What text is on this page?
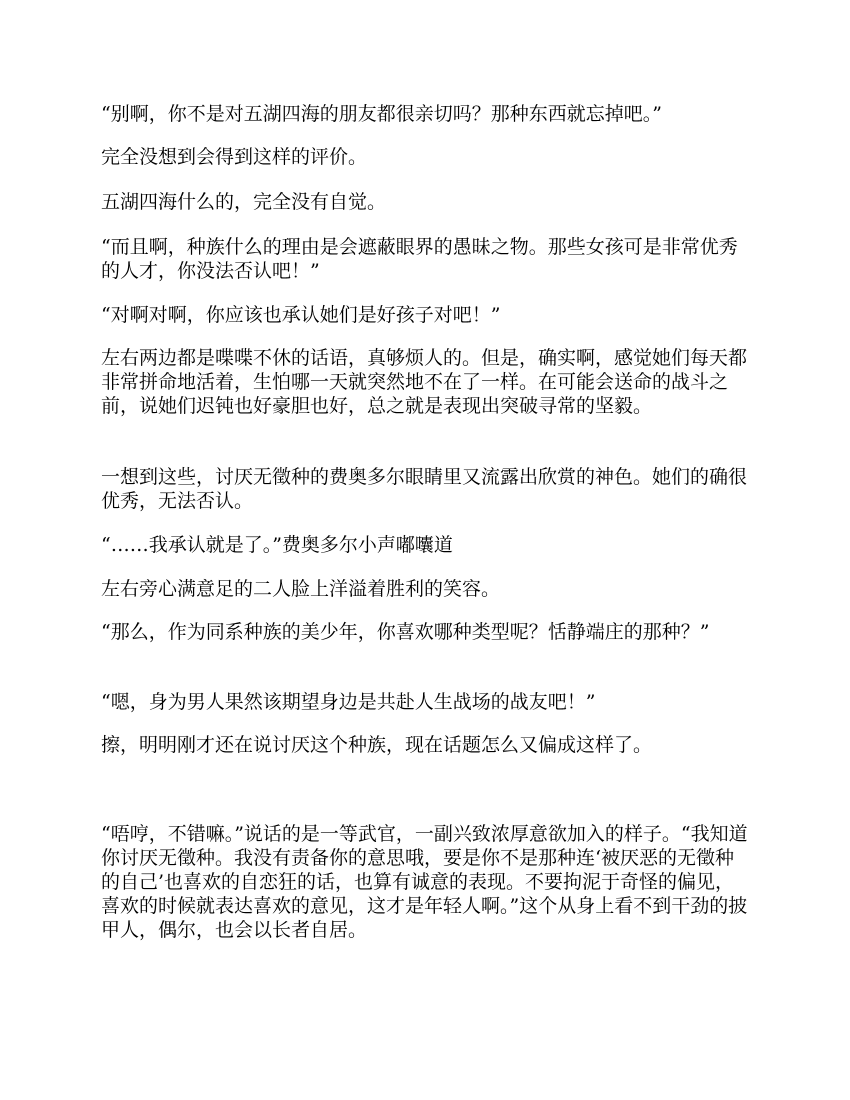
“别啊，你不是对五湖四海的朋友都很亲切吗？那种东西就忘掉吧。”

完全没想到会得到这样的评价。

五湖四海什么的，完全没有自觉。

“而且啊，种族什么的理由是会遮蔽眼界的愚昧之物。那些女孩可是非常优秀的人才，你没法否认吧！”

“对啊对啊，你应该也承认她们是好孩子对吧！”

左右两边都是喋喋不休的话语，真够烦人的。但是，确实啊，感觉她们每天都非常拼命地活着，生怕哪一天就突然地不在了一样。在可能会送命的战斗之前，说她们迟钝也好豪胆也好，总之就是表现出突破寻常的坚毅。

一想到这些，讨厌无徵种的费奥多尔眼睛里又流露出欣赏的神色。她们的确很优秀，无法否认。

“……我承认就是了。”费奥多尔小声嘟囔道

左右旁心满意足的二人脸上洋溢着胜利的笑容。

“那么，作为同系种族的美少年，你喜欢哪种类型呢？恬静端庄的那种？”

“嗯，身为男人果然该期望身边是共赴人生战场的战友吧！”

擦，明明刚才还在说讨厌这个种族，现在话题怎么又偏成这样了。

“唔哼，不错嘛。”说话的是一等武官，一副兴致浓厚意欲加入的样子。“我知道你讨厌无徵种。我没有责备你的意思哦，要是你不是那种连‘被厌恶的无徵种的自己’也喜欢的自恋狂的话，也算有诚意的表现。不要拘泥于奇怪的偏见，喜欢的时候就表达喜欢的意见，这才是年轻人啊。”这个从身上看不到干劲的披甲人，偶尔，也会以长者自居。
